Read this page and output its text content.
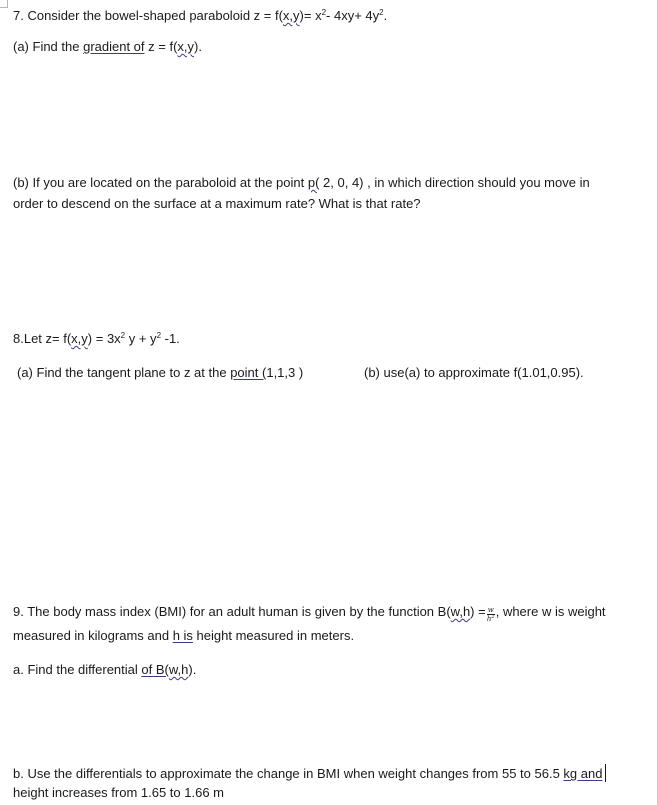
7. Consider the bowel-shaped paraboloid $z = f(x,y)= x^2-$ $4xy+ 4y^2$.
(a) Find the gradient of z = f(x,y).
(b) If you are located on the paraboloid at the point p( 2, 0, 4) , in which direction should you move in
order to descend on the surface at a maximum rate? What is that rate?
8.Let $z= f(x,y) = 3x^2$ $y + y^2$ -1.
(a) Find the tangent plane to z at the point (1,1,3 )	(b) use(a) to approximate f(1.01,0.95).
9. The body mass index (BMI) for an adult human is given by the function $B(w,h) = \frac{w}{h^2}$ , where w is weight
measured in kilograms and h is height measured in meters.
a. Find the differential of B(w,h).
b. Use the differentials to approximate the change in BMI when weight changes from 55 to 56.5 kg and
height increases from 1.65 to 1.66 m
